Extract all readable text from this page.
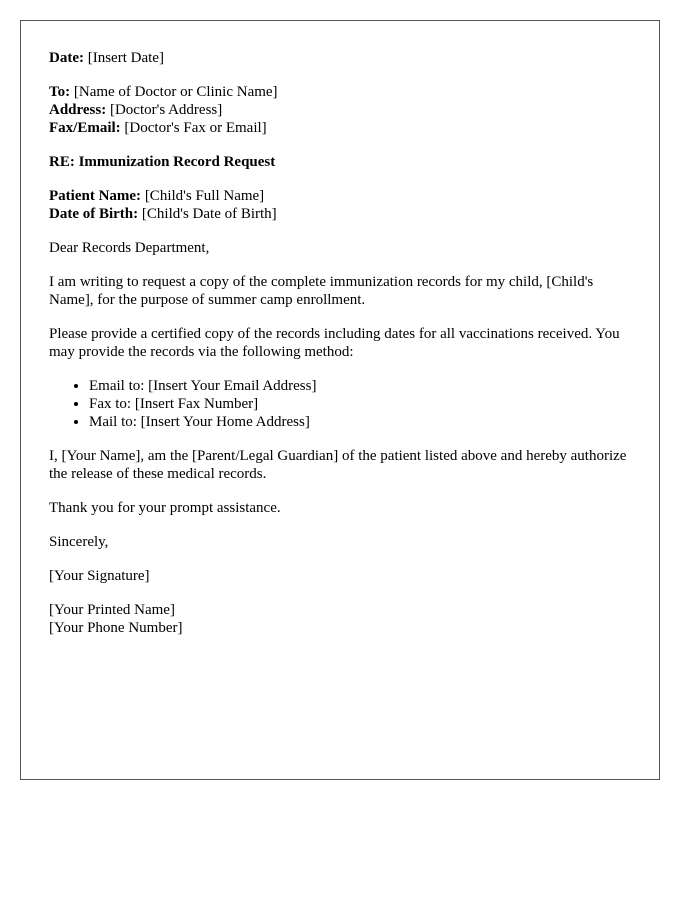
Date: [Insert Date]
To: [Name of Doctor or Clinic Name]
Address: [Doctor's Address]
Fax/Email: [Doctor's Fax or Email]
RE: Immunization Record Request
Patient Name: [Child's Full Name]
Date of Birth: [Child's Date of Birth]

Dear Records Department,

I am writing to request a copy of the complete immunization records for my child, [Child's Name], for the purpose of summer camp enrollment.

Please provide a certified copy of the records including dates for all vaccinations received. You may provide the records via the following method:

• Email to: [Insert Your Email Address]
• Fax to: [Insert Fax Number]
• Mail to: [Insert Your Home Address]

I, [Your Name], am the [Parent/Legal Guardian] of the patient listed above and hereby authorize the release of these medical records.

Thank you for your prompt assistance.

Sincerely,

[Your Signature]

[Your Printed Name]
[Your Phone Number]
